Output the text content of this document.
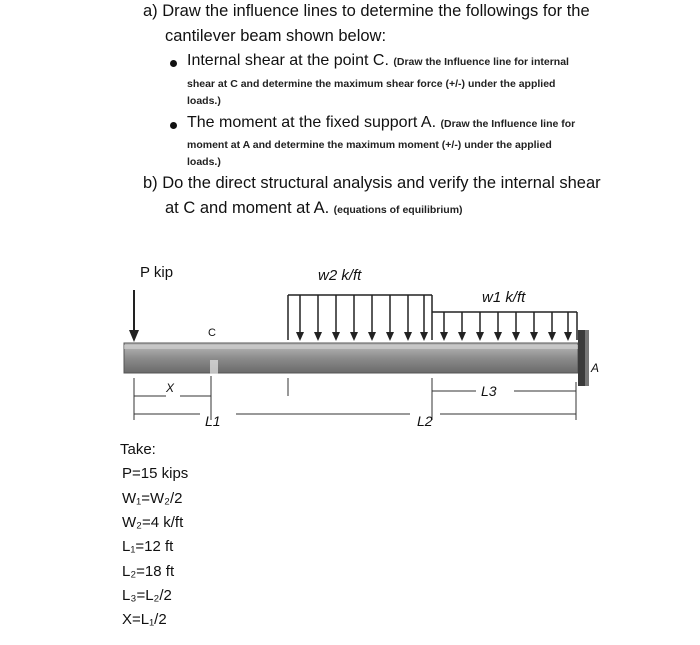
a) Draw the influence lines to determine the followings for the
cantilever beam shown below:
Internal shear at the point C. (Draw the Influence line for internal
shear at C and determine the maximum shear force (+/-) under the applied
loads.)
The moment at the fixed support A. (Draw the Influence line for
moment at A and determine the maximum moment (+/-) under the applied
loads.)
b) Do the direct structural analysis and verify the internal shear
at C and moment at A. (equations of equilibrium)
P kip	w2 k/ft
w1 k/ft
C
A
X
L1	L2
L3
Take:
P=15 kips
W₁=W₂/2
W₂=4 k/ft
L₁=12 ft
L₂=18 ft
L₃=L₂/2
X=L₁/2
